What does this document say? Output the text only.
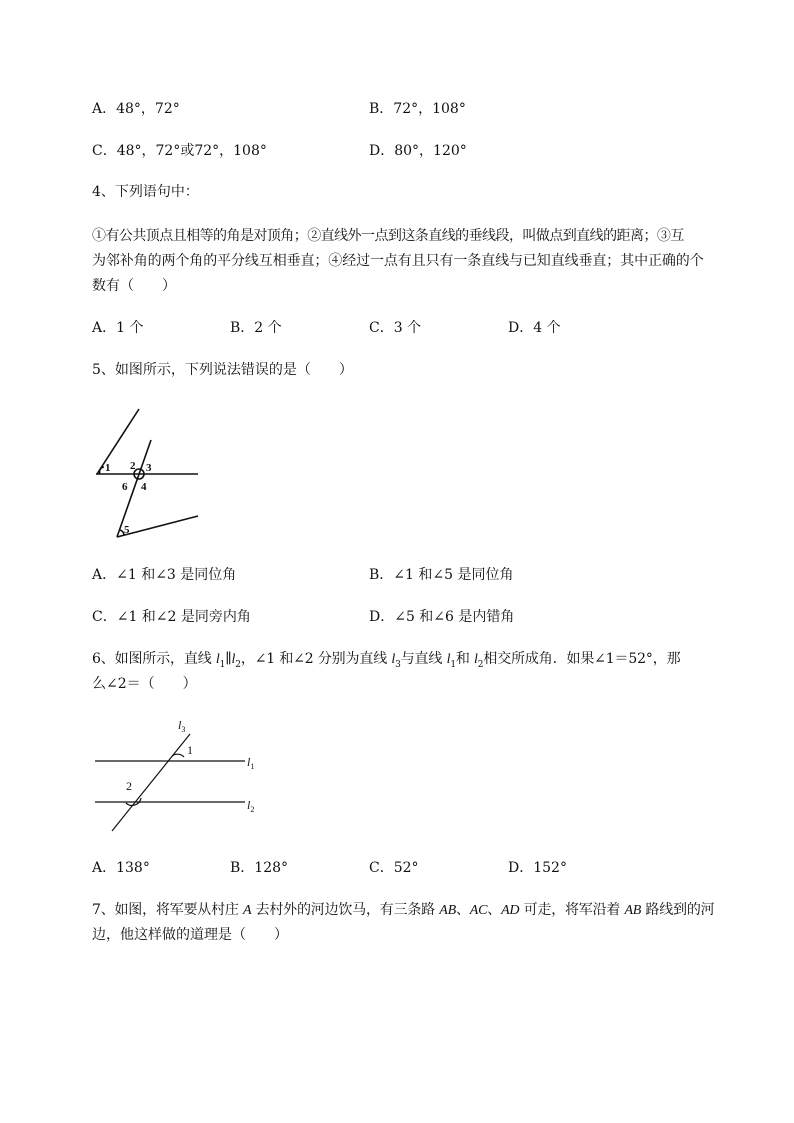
A．48°，72°	B．72°，108°
C．48°，72°或72°，108°	D．80°，120°
4、下列语句中：
①有公共顶点且相等的角是对顶角；②直线外一点到这条直线的垂线段，叫做点到直线的距离；③互
为邻补角的两个角的平分线互相垂直；④经过一点有且只有一条直线与已知直线垂直；其中正确的个
数有（　　）
A．1 个	B．2 个	C．3 个	D．4 个
5、如图所示，下列说法错误的是（　　）
1 2 3
4
5
6
A．∠1 和∠3 是同位角	B．∠1 和∠5 是同位角
C．∠1 和∠2 是同旁内角	D．∠5 和∠6 是内错角
6、如图所示，直线 $l_1\parallel l_2$，∠1 和∠2 分别为直线 $l_3$与直线 $l_1$和 $l_2$相交所成角．如果∠1＝52°，那
么∠2＝（　　）
$l_3$
$l_1$
$l_2$
1
2
A．138°	B．128°	C．52°	D．152°
7、如图，将军要从村庄 A 去村外的河边饮马，有三条路 AB、AC、AD 可走，将军沿着 AB 路线到的河
边，他这样做的道理是（　　）
